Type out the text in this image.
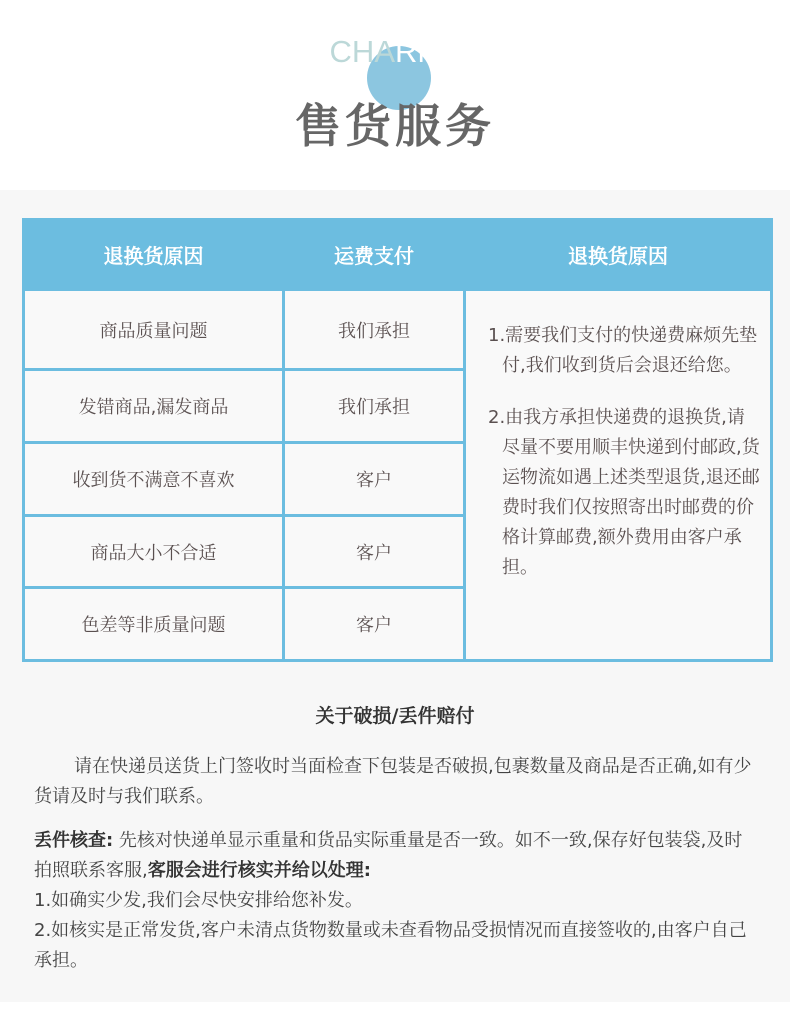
CHARM3
售货服务
退换货原因	运费支付	退换货原因
商品质量问题	我们承担	1.需要我们支付的快递费麻烦先垫付,我们收到货后会退还给您。

2.由我方承担快递费的退换货,请尽量不要用顺丰快递到付邮政,货运物流如遇上述类型退货,退还邮费时我们仅按照寄出时邮费的价格计算邮费,额外费用由客户承担。

发错商品,漏发商品	我们承担	
收到货不满意不喜欢	客户	
商品大小不合适	客户	
色差等非质量问题	客户	
关于破损/丢件赔付
请在快递员送货上门签收时当面检查下包装是否破损,包裹数量及商品是否正确,如有少货请及时与我们联系。
丢件核查: 先核对快递单显示重量和货品实际重量是否一致。如不一致,保存好包装袋,及时拍照联系客服,客服会进行核实并给以处理:
1.如确实少发,我们会尽快安排给您补发。
2.如核实是正常发货,客户未清点货物数量或未查看物品受损情况而直接签收的,由客户自己承担。
